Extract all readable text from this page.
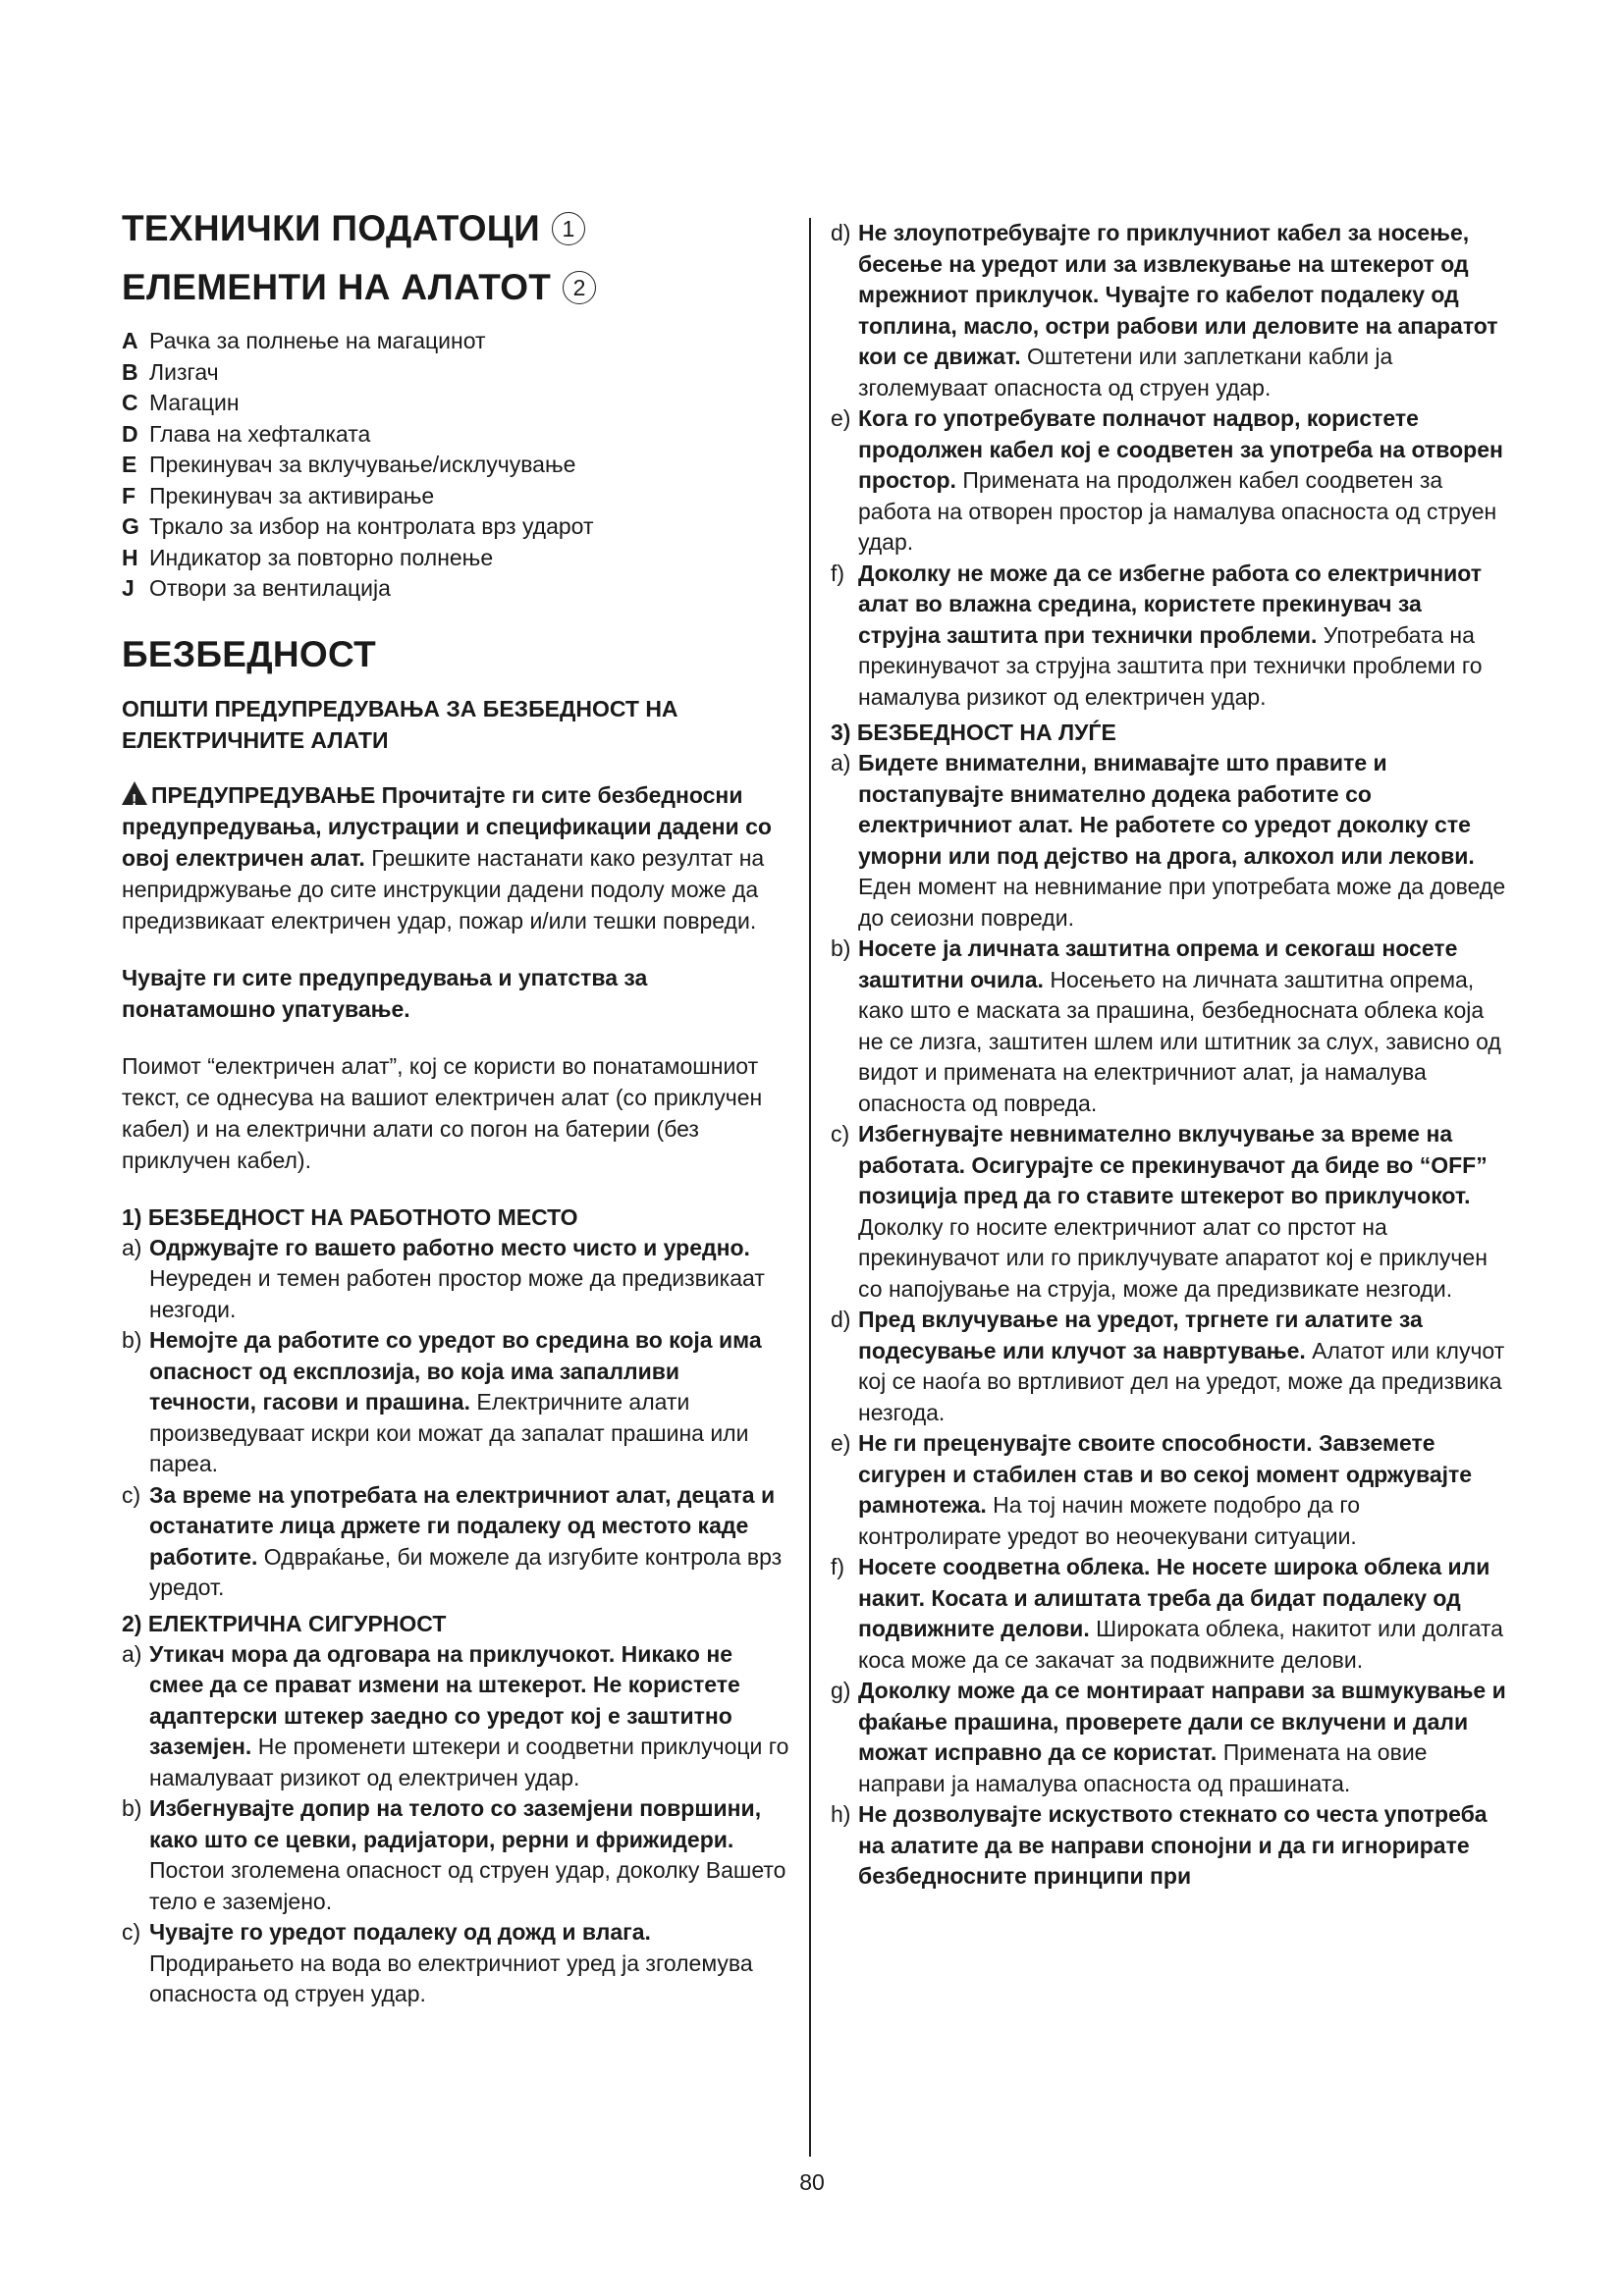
ТЕХНИЧКИ ПОДАТОЦИ 1
ЕЛЕМЕНТИ НА АЛАТОТ 2
A Рачка за полнење на магацинот
B Лизгач
C Магацин
D Глава на хефталката
E Прекинувач за вклучување/исклучување
F Прекинувач за активирање
G Тркало за избор на контролата врз ударот
H Индикатор за повторно полнење
J Отвори за вентилација
БЕЗБЕДНОСТ
ОПШТИ ПРЕДУПРЕДУВАЊА ЗА БЕЗБЕДНОСТ НА ЕЛЕКТРИЧНИТЕ АЛАТИ

!ПРЕДУПРЕДУВАЊЕ Прочитајте ги сите безбедносни предупредувања, илустрации и спецификации дадени со овој електричен алат. Грешките настанати како резултат на непридржување до сите инструкции дадени подолу може да предизвикаат електричен удар, пожар и/или тешки повреди.

Чувајте ги сите предупредувања и упатства за понатамошно упатување.

Поимот “електричен алат”, кој се користи во понатамошниот текст, се однесува на вашиот електричен алат (со приклучен кабел) и на електрични алати со погон на батерии (без приклучен кабел).

1) БЕЗБЕДНОСТ НА РАБОТНОТО МЕСТО

a) Одржувајте го вашето работно место чисто и уредно. Неуреден и темен работен простор може да предизвикаат незгоди.

b) Немојте да работите со уредот во средина во која има опасност од експлозија, во која има запалливи течности, гасови и прашина. Електричните алати произведуваат искри кои можат да запалат прашина или пареа.

c) За време на употребата на електричниот алат, децата и останатите лица држете ги подалеку од местото каде работите. Одвраќање, би можеле да изгубите контрола врз уредот.

2) ЕЛЕКТРИЧНА СИГУРНОСТ

a) Утикач мора да одговара на приклучокот. Никако не смее да се прават измени на штекерот. Не користете адаптерски штекер заедно со уредот кој е заштитно заземјен. Не променети штекери и соодветни приклучоци го намалуваат ризикот од електричен удар.

b) Избегнувајте допир на телото со заземјени површини, како што се цевки, радијатори, рерни и фрижидери. Постои зголемена опасност од струен удар, доколку Вашето тело е заземјено.

c) Чувајте го уредот подалеку од дожд и влага. Продирањето на вода во електричниот уред ја зголемува опасноста од струен удар.

d) Не злоупотребувајте го приклучниот кабел за носење, бесење на уредот или за извлекување на штекерот од мрежниот приклучок. Чувајте го кабелот подалеку од топлина, масло, остри рабови или деловите на апаратот кои се движат. Оштетени или заплеткани кабли ја зголемуваат опасноста од струен удар.

e) Кога го употребувате полначот надвор, користете продолжен кабел кој е соодветен за употреба на отворен простор. Примената на продолжен кабел соодветен за работа на отворен простор ја намалува опасноста од струен удар.

f) Доколку не може да се избегне работа со електричниот алат во влажна средина, користете прекинувач за струјна заштита при технички проблеми. Употребата на прекинувачот за струјна заштита при технички проблеми го намалува ризикот од електричен удар.

3) БЕЗБЕДНОСТ НА ЛУЃЕ

a) Бидете внимателни, внимавајте што правите и постапувајте внимателно додека работите со електричниот алат. Не работете со уредот доколку сте уморни или под дејство на дрога, алкохол или лекови. Еден момент на невнимание при употребата може да доведе до сеиозни повреди.

b) Носете ја личната заштитна опрема и секогаш носете заштитни очила. Носењето на личната заштитна опрема, како што е маската за прашина, безбедносната облека која не се лизга, заштитен шлем или штитник за слух, зависно од видот и примената на електричниот алат, ја намалува опасноста од повреда.

c) Избегнувајте невнимателно вклучување за време на работата. Осигурајте се прекинувачот да биде во “OFF” позиција пред да го ставите штекерот во приклучокот. Доколку го носите електричниот алат со прстот на прекинувачот или го приклучувате апаратот кој е приклучен со напојување на струја, може да предизвикате незгоди.

d) Пред вклучување на уредот, тргнете ги алатите за подесување или клучот за навртување. Алатот или клучот кој се наоѓа во вртливиот дел на уредот, може да предизвика незгода.

e) Не ги преценувајте своите способности. Завземете сигурен и стабилен став и во секој момент одржувајте рамнотежа. На тој начин можете подобро да го контролирате уредот во неочекувани ситуации.

f) Носете соодветна облека. Не носете широка облека или накит. Косата и алиштата треба да бидат подалеку од подвижните делови. Широката облека, накитот или долгата коса може да се закачат за подвижните делови.

g) Доколку може да се монтираат направи за вшмукување и фаќање прашина, проверете дали се вклучени и дали можат исправно да се користат. Примената на овие направи ја намалува опасноста од прашината.

h) Не дозволувајте искуството стекнато со честа употреба на алатите да ве направи спонојни и да ги игнорирате безбедносните принципи при

80
